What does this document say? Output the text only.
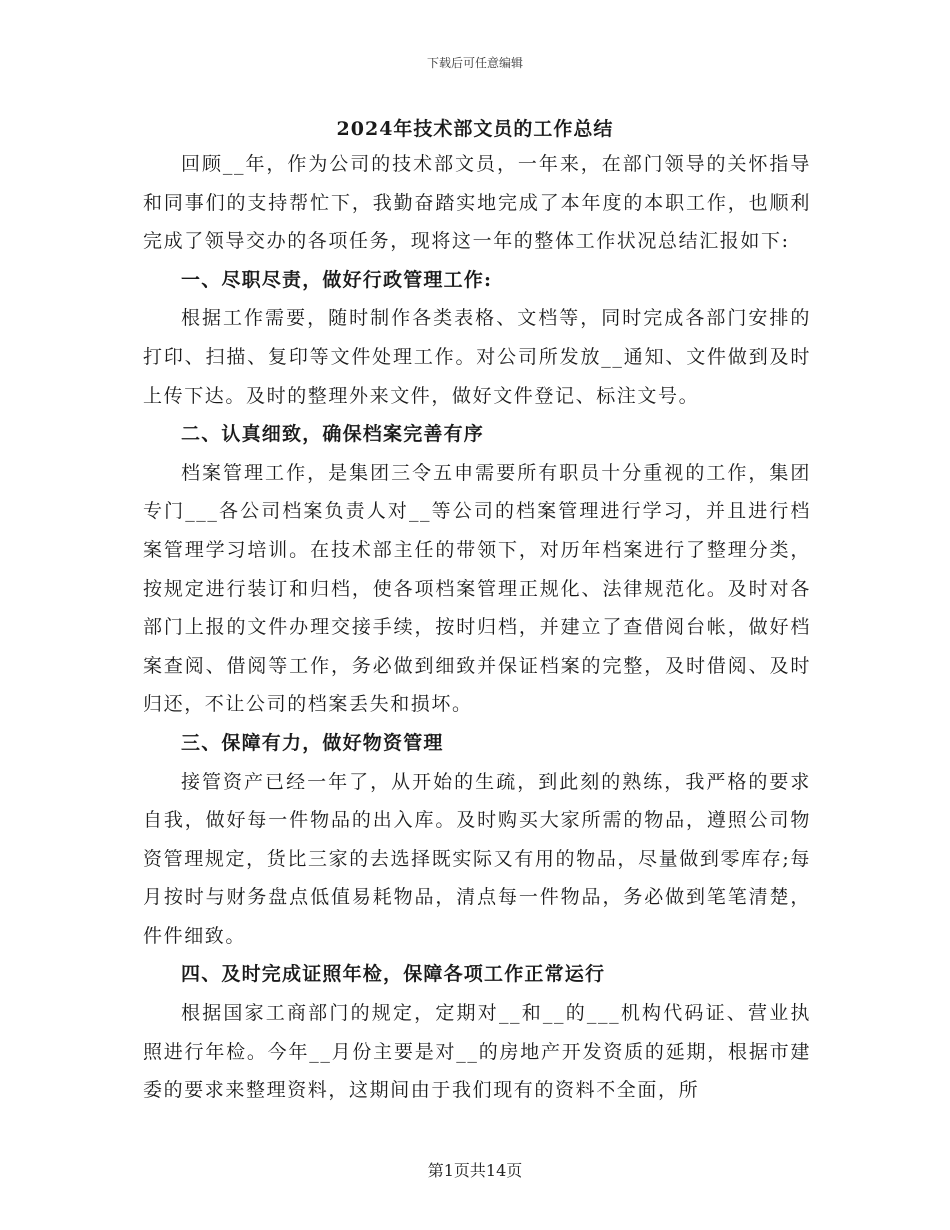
下载后可任意编辑
2024年技术部文员的工作总结

回顾__年，作为公司的技术部文员，一年来，在部门领导的关怀指导和同事们的支持帮忙下，我勤奋踏实地完成了本年度的本职工作，也顺利完成了领导交办的各项任务，现将这一年的整体工作状况总结汇报如下:

一、尽职尽责，做好行政管理工作:

根据工作需要，随时制作各类表格、文档等，同时完成各部门安排的打印、扫描、复印等文件处理工作。对公司所发放__通知、文件做到及时上传下达。及时的整理外来文件，做好文件登记、标注文号。

二、认真细致，确保档案完善有序

档案管理工作，是集团三令五申需要所有职员十分重视的工作，集团专门___各公司档案负责人对__等公司的档案管理进行学习，并且进行档案管理学习培训。在技术部主任的带领下，对历年档案进行了整理分类，按规定进行装订和归档，使各项档案管理正规化、法律规范化。及时对各部门上报的文件办理交接手续，按时归档，并建立了查借阅台帐，做好档案查阅、借阅等工作，务必做到细致并保证档案的完整，及时借阅、及时归还，不让公司的档案丢失和损坏。

三、保障有力，做好物资管理

接管资产已经一年了，从开始的生疏，到此刻的熟练，我严格的要求自我，做好每一件物品的出入库。及时购买大家所需的物品，遵照公司物资管理规定，货比三家的去选择既实际又有用的物品，尽量做到零库存;每月按时与财务盘点低值易耗物品，清点每一件物品，务必做到笔笔清楚，件件细致。

四、及时完成证照年检，保障各项工作正常运行

根据国家工商部门的规定，定期对__和__的___机构代码证、营业执照进行年检。今年__月份主要是对__的房地产开发资质的延期，根据市建委的要求来整理资料，这期间由于我们现有的资料不全面，所

第1页共14页
